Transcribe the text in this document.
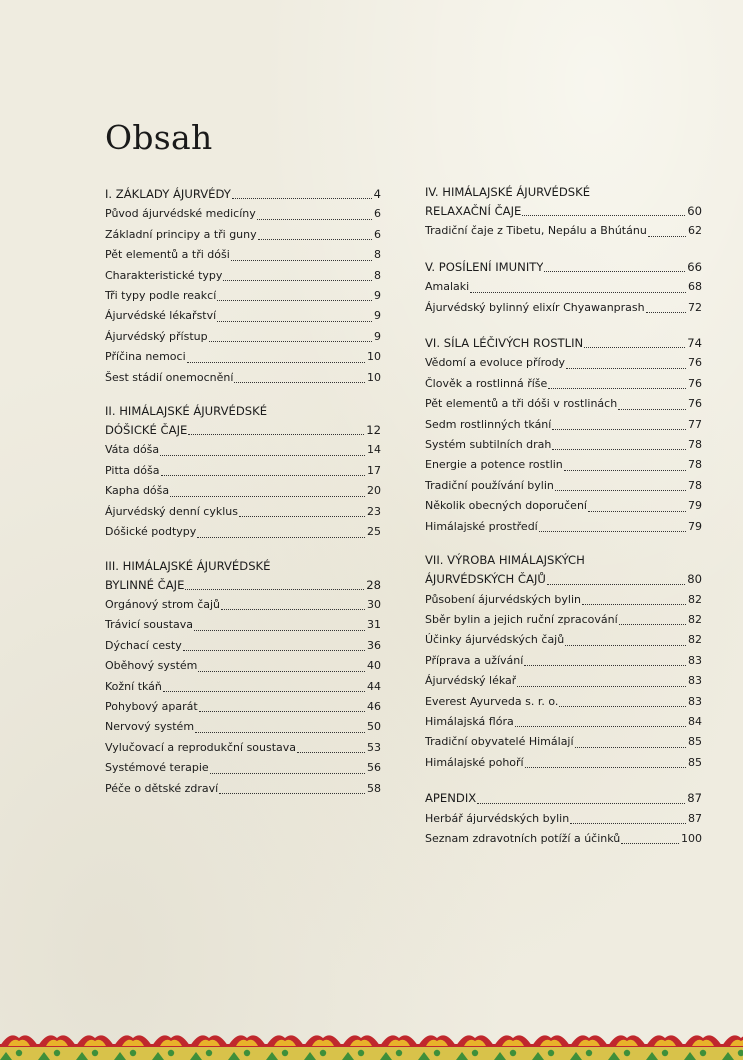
Obsah
I. ZÁKLADY ÁJURVÉDY	4
Původ ájurvédské medicíny	6
Základní principy a tři guny	6
Pět elementů a tři dóši	8
Charakteristické typy	8
Tři typy podle reakcí	9
Ájurvédské lékařství	9
Ájurvédský přístup	9
Příčina nemoci	10
Šest stádií onemocnění	10
II. HIMÁLAJSKÉ ÁJURVÉDSKÉ
DÓŠICKÉ ČAJE	12
Váta dóša	14
Pitta dóša	17
Kapha dóša	20
Ájurvédský denní cyklus	23
Dóšické podtypy	25
III. HIMÁLAJSKÉ ÁJURVÉDSKÉ
BYLINNÉ ČAJE	28
Orgánový strom čajů	30
Trávicí soustava	31
Dýchací cesty	36
Oběhový systém	40
Kožní tkáň	44
Pohybový aparát	46
Nervový systém	50
Vylučovací a reprodukční soustava	53
Systémové terapie	56
Péče o dětské zdraví	58
IV. HIMÁLAJSKÉ ÁJURVÉDSKÉ
RELAXAČNÍ ČAJE	60
Tradiční čaje z Tibetu, Nepálu a Bhútánu	62
V. POSÍLENÍ IMUNITY	66
Amalaki	68
Ájurvédský bylinný elixír Chyawanprash	72
VI. SÍLA LÉČIVÝCH ROSTLIN	74
Vědomí a evoluce přírody	76
Člověk a rostlinná říše	76
Pět elementů a tři dóši v rostlinách	76
Sedm rostlinných tkání	77
Systém subtilních drah	78
Energie a potence rostlin	78
Tradiční používání bylin	78
Několik obecných doporučení	79
Himálajské prostředí	79
VII. VÝROBA HIMÁLAJSKÝCH
ÁJURVÉDSKÝCH ČAJŮ	80
Působení ájurvédských bylin	82
Sběr bylin a jejich ruční zpracování	82
Účinky ájurvédských čajů	82
Příprava a užívání	83
Ájurvédský lékař	83
Everest Ayurveda s. r. o.	83
Himálajská flóra	84
Tradiční obyvatelé Himálají	85
Himálajské pohoří	85
APENDIX	87
Herbář ájurvédských bylin	87
Seznam zdravotních potíží a účinků	100
